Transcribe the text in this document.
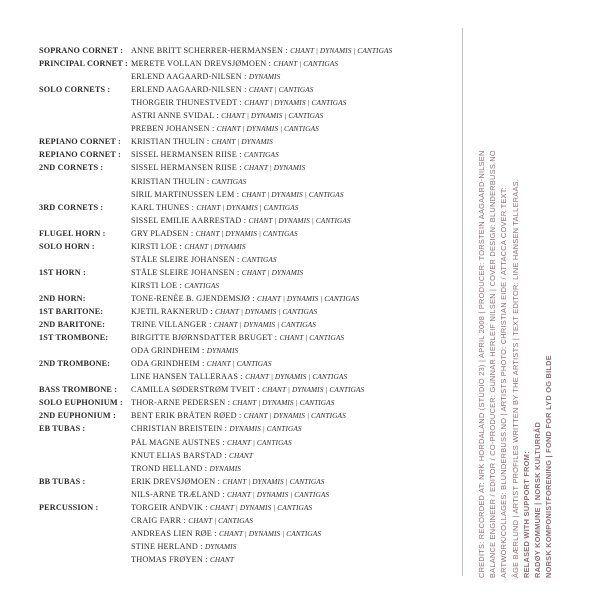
SOPRANO CORNET : ANNE BRITT SCHERRER-HERMANSEN : CHANT | DYNAMIS | CANTIGAS
PRINCIPAL CORNET : MERETE VOLLAN DREVSJØMOEN : CHANT | CANTIGAS
ERLEND AAGAARD-NILSEN : DYNAMIS
SOLO CORNETS :	ERLEND AAGAARD-NILSEN : CHANT | CANTIGAS
THORGEIR THUNESTVEDT : CHANT | DYNAMIS | CANTIGAS
ASTRI ANNE SVIDAL : CHANT | DYNAMIS | CANTIGAS
PREBEN JOHANSEN : CHANT | DYNAMIS | CANTIGAS
REPIANO CORNET : KRISTIAN THULIN : CHANT | DYNAMIS
REPIANO CORNET : SISSEL HERMANSEN RIISE : CANTIGAS
2ND CORNETS :	SISSEL HERMANSEN RIISE : CHANT | DYNAMIS
KRISTIAN THULIN : CANTIGAS
SIRIL MARTINUSSEN LEM : CHANT | DYNAMIS | CANTIGAS
3RD CORNETS :	KARL THUNES : CHANT | DYNAMIS | CANTIGAS
SISSEL EMILIE AARRESTAD : CHANT | DYNAMIS | CANTIGAS
FLUGEL HORN :	GRY PLADSEN : CHANT | DYNAMIS | CANTIGAS
SOLO HORN :	KIRSTI LOE : CHANT | DYNAMIS
STÅLE SLEIRE JOHANSEN : CANTIGAS
1ST HORN :	STÅLE SLEIRE JOHANSEN : CHANT | DYNAMIS
KIRSTI LOE : CANTIGAS
2ND HORN:	TONE-RENÈE B. GJENDEMSJØ : CHANT | DYNAMIS | CANTIGAS
1ST BARITONE:	KJETIL RAKNERUD : CHANT | DYNAMIS | CANTIGAS
2ND BARITONE:	TRINE VILLANGER : CHANT | DYNAMIS | CANTIGAS
1ST TROMBONE:	BIRGITTE BJØRNSDATTER BRUGET : CHANT | CANTIGAS
ODA GRINDHEIM : DYNAMIS
2ND TROMBONE:	ODA GRINDHEIM : CHANT | CANTIGAS
LINE HANSEN TALLERAAS : CHANT | DYNAMIS | CANTIGAS
BASS TROMBONE : CAMILLA SØDERSTRØM TVEIT : CHANT | DYNAMIS | CANTIGAS
SOLO EUPHONIUM : THOR-ARNE PEDERSEN : CHANT | DYNAMIS | CANTIGAS
2ND EUPHONIUM : BENT ERIK BRÅTEN RØED : CHANT | DYNAMIS | CANTIGAS
EB TUBAS :	CHRISTIAN BREISTEIN : DYNAMIS | CANTIGAS
PÅL MAGNE AUSTNES : CHANT | CANTIGAS
KNUT ELIAS BARSTAD : CHANT
TROND HELLAND : DYNAMIS
BB TUBAS :	ERIK DREVSJØMOEN : CHANT | DYNAMIS | CANTIGAS
NILS-ARNE TRÆLAND : CHANT | DYNAMIS | CANTIGAS
PERCUSSION :	TORGEIR ANDVIK : CHANT | DYNAMIS | CANTIGAS
CRAIG FARR : CHANT | CANTIGAS
ANDREAS LIEN RØE : CHANT | DYNAMIS | CANTIGAS
STINE HERLAND : DYNAMIS
THOMAS FRØYEN : CHANT	CREDITS: RECORDED AT: NRK HORDALAND (STUDIO 23) | APRIL 2008 | PRODUCER: TORSTEIN AAGAARD-NILSEN BALANCE ENGINEER / EDITOR / CO-PRODUCER: GUNNAR HERLEIF NILSEN | COVER DESIGN: BLUNDERBUSS.NO ARTWORK/COLLAGES: BLUNDERBUSS.NO | ARTISTS PHOTO: CHRISTIAN EIDE / ATTACCA COVER TEXT: ÅGE BÆRLUND | ARTIST PROFILES WRITTEN BY THE ARTISTS | TEXT EDITOR: LINE HANSEN TALLERAAS. RELASED WITH SUPPORT FROM: RADØY KOMMUNE | NORSK KULTURRÅD NORSK KOMPONISTFORENING | FOND FOR LYD OG BILDE
